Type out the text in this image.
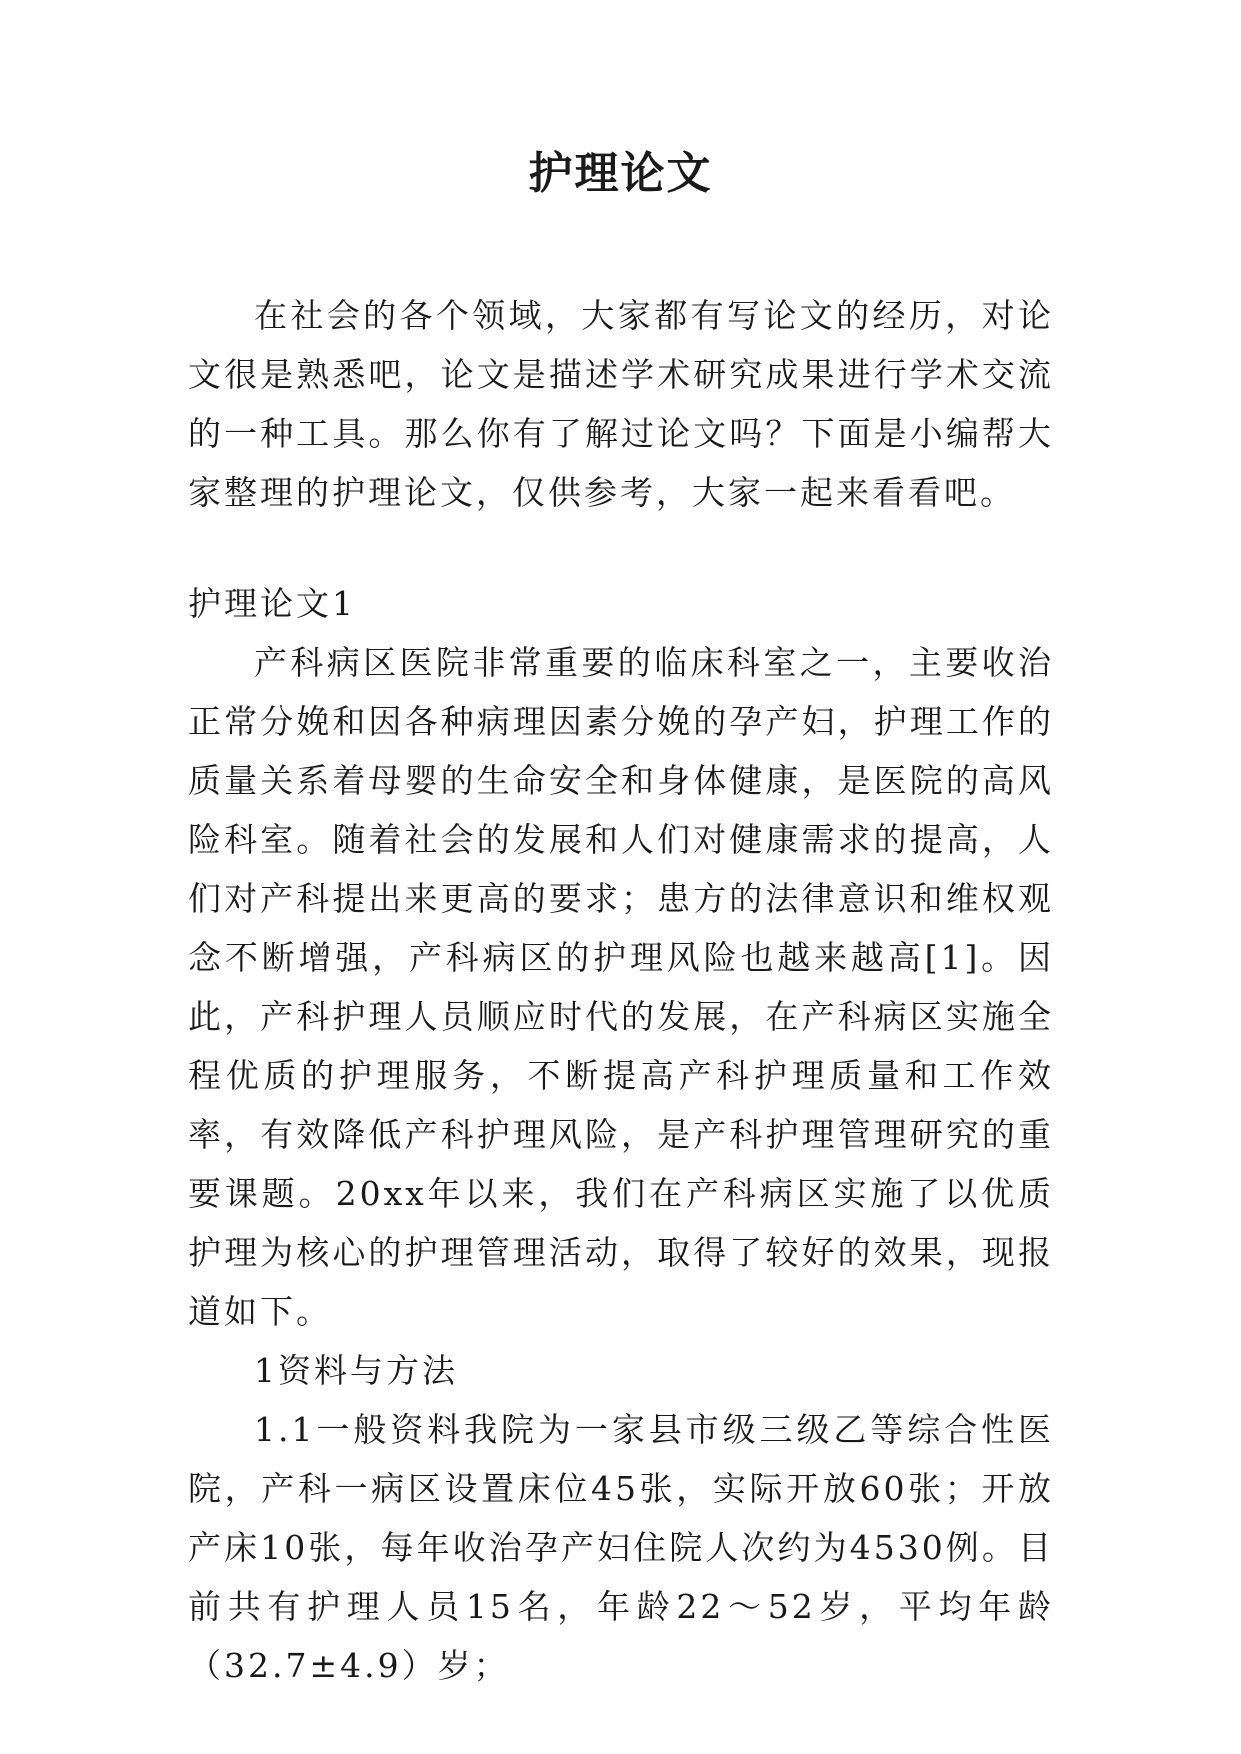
护理论文

在社会的各个领域，大家都有写论文的经历，对论文很是熟悉吧，论文是描述学术研究成果进行学术交流的一种工具。那么你有了解过论文吗？下面是小编帮大家整理的护理论文，仅供参考，大家一起来看看吧。

护理论文1

产科病区医院非常重要的临床科室之一，主要收治正常分娩和因各种病理因素分娩的孕产妇，护理工作的质量关系着母婴的生命安全和身体健康，是医院的高风险科室。随着社会的发展和人们对健康需求的提高，人们对产科提出来更高的要求；患方的法律意识和维权观念不断增强，产科病区的护理风险也越来越高[1]。因此，产科护理人员顺应时代的发展，在产科病区实施全程优质的护理服务，不断提高产科护理质量和工作效率，有效降低产科护理风险，是产科护理管理研究的重要课题。20xx年以来，我们在产科病区实施了以优质护理为核心的护理管理活动，取得了较好的效果，现报道如下。

1资料与方法

1.1一般资料我院为一家县市级三级乙等综合性医院，产科一病区设置床位45张，实际开放60张；开放产床10张，每年收治孕产妇住院人次约为4530例。目前共有护理人员15名，年龄22～52岁，平均年龄（32.7±4.9）岁；
